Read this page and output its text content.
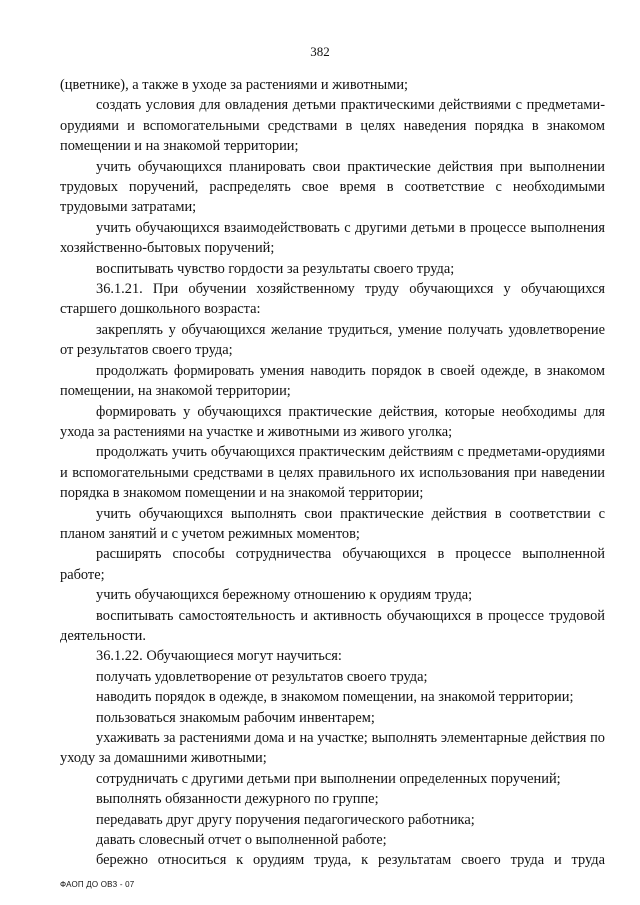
382

(цветнике), а также в уходе за растениями и животными;

создать условия для овладения детьми практическими действиями с предметами-орудиями и вспомогательными средствами в целях наведения порядка в знакомом помещении и на знакомой территории;

учить обучающихся планировать свои практические действия при выполнении трудовых поручений, распределять свое время в соответствие с необходимыми трудовыми затратами;

учить обучающихся взаимодействовать с другими детьми в процессе выполнения хозяйственно-бытовых поручений;

воспитывать чувство гордости за результаты своего труда;

36.1.21. При обучении хозяйственному труду обучающихся у обучающихся старшего дошкольного возраста:

закреплять у обучающихся желание трудиться, умение получать удовлетворение от результатов своего труда;

продолжать формировать умения наводить порядок в своей одежде, в знакомом помещении, на знакомой территории;

формировать у обучающихся практические действия, которые необходимы для ухода за растениями на участке и животными из живого уголка;

продолжать учить обучающихся практическим действиям с предметами-орудиями и вспомогательными средствами в целях правильного их использования при наведении порядка в знакомом помещении и на знакомой территории;

учить обучающихся выполнять свои практические действия в соответствии с планом занятий и с учетом режимных моментов;

расширять способы сотрудничества обучающихся в процессе выполненной работе;

учить обучающихся бережному отношению к орудиям труда;

воспитывать самостоятельность и активность обучающихся в процессе трудовой деятельности.

36.1.22. Обучающиеся могут научиться:

получать удовлетворение от результатов своего труда;

наводить порядок в одежде, в знакомом помещении, на знакомой территории;

пользоваться знакомым рабочим инвентарем;

ухаживать за растениями дома и на участке; выполнять элементарные действия по уходу за домашними животными;

сотрудничать с другими детьми при выполнении определенных поручений;

выполнять обязанности дежурного по группе;

передавать друг другу поручения педагогического работника;

давать словесный отчет о выполненной работе;

бережно относиться к орудиям труда, к результатам своего труда и труда

ФАОП ДО ОВЗ - 07
